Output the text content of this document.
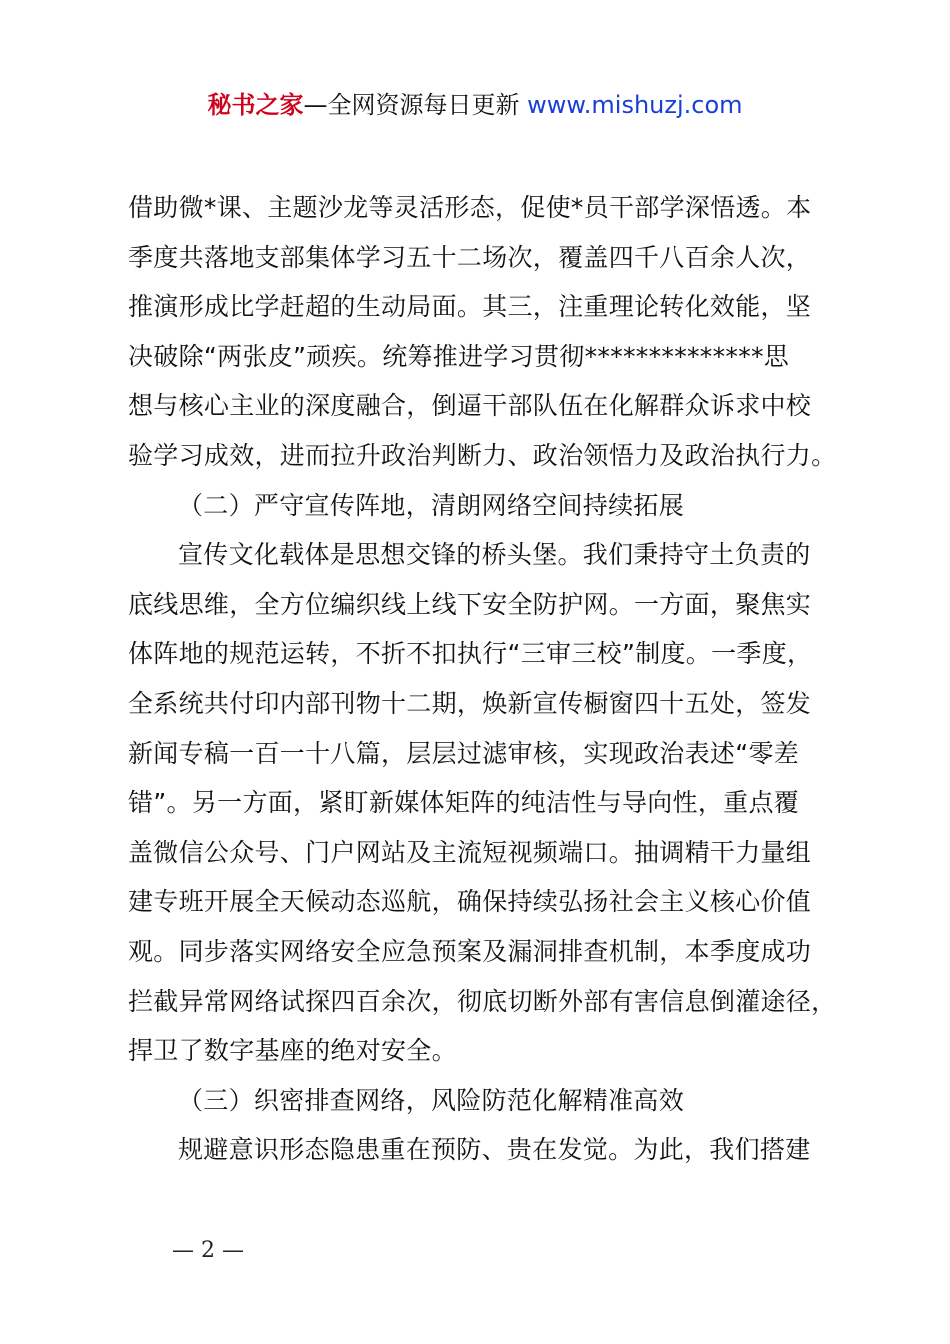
秘书之家—全网资源每日更新 www.mishuzj.com
借助微*课、主题沙龙等灵活形态，促使*员干部学深悟透。本
季度共落地支部集体学习五十二场次，覆盖四千八百余人次，
推演形成比学赶超的生动局面。其三，注重理论转化效能，坚
决破除“两张皮”顽疾。统筹推进学习贯彻**************思
想与核心主业的深度融合，倒逼干部队伍在化解群众诉求中校
验学习成效，进而拉升政治判断力、政治领悟力及政治执行力。
（二）严守宣传阵地，清朗网络空间持续拓展
宣传文化载体是思想交锋的桥头堡。我们秉持守土负责的
底线思维，全方位编织线上线下安全防护网。一方面，聚焦实
体阵地的规范运转，不折不扣执行“三审三校”制度。一季度，
全系统共付印内部刊物十二期，焕新宣传橱窗四十五处，签发
新闻专稿一百一十八篇，层层过滤审核，实现政治表述“零差
错”。另一方面，紧盯新媒体矩阵的纯洁性与导向性，重点覆
盖微信公众号、门户网站及主流短视频端口。抽调精干力量组
建专班开展全天候动态巡航，确保持续弘扬社会主义核心价值
观。同步落实网络安全应急预案及漏洞排查机制，本季度成功
拦截异常网络试探四百余次，彻底切断外部有害信息倒灌途径，
捍卫了数字基座的绝对安全。
（三）织密排查网络，风险防范化解精准高效
规避意识形态隐患重在预防、贵在发觉。为此，我们搭建
— 2 —
